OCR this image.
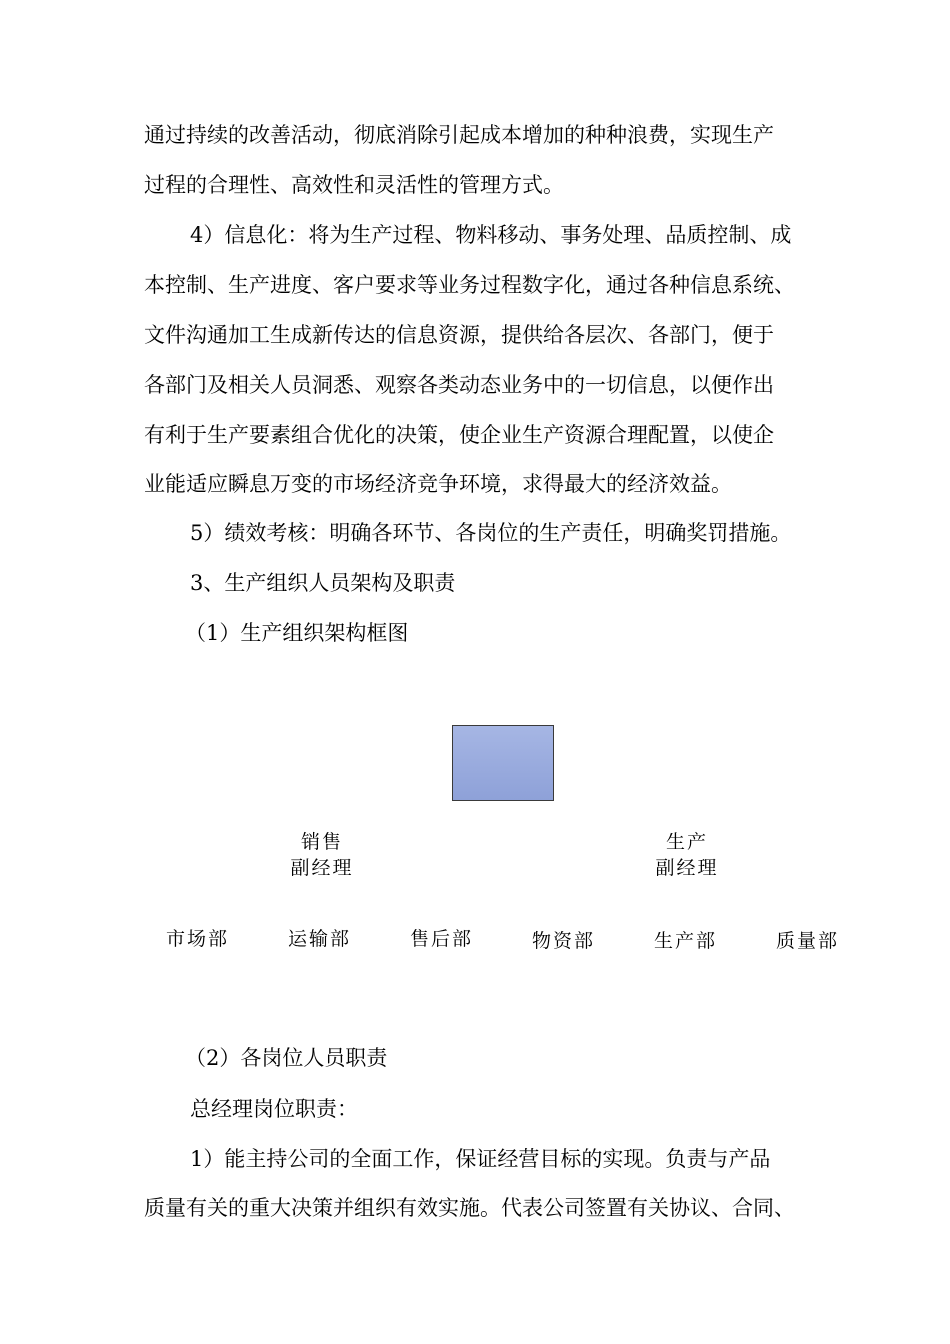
通过持续的改善活动，彻底消除引起成本增加的种种浪费，实现生产
过程的合理性、高效性和灵活性的管理方式。
4）信息化：将为生产过程、物料移动、事务处理、品质控制、成
本控制、生产进度、客户要求等业务过程数字化，通过各种信息系统、
文件沟通加工生成新传达的信息资源，提供给各层次、各部门，便于
各部门及相关人员洞悉、观察各类动态业务中的一切信息，以便作出
有利于生产要素组合优化的决策，使企业生产资源合理配置，以使企
业能适应瞬息万变的市场经济竞争环境，求得最大的经济效益。
5）绩效考核：明确各环节、各岗位的生产责任，明确奖罚措施。
3、生产组织人员架构及职责
（1）生产组织架构框图
销售
副经理
生产
副经理
市场部	运输部	售后部	物资部	生产部	质量部
（2）各岗位人员职责
总经理岗位职责：
1）能主持公司的全面工作，保证经营目标的实现。负责与产品
质量有关的重大决策并组织有效实施。代表公司签置有关协议、合同、
